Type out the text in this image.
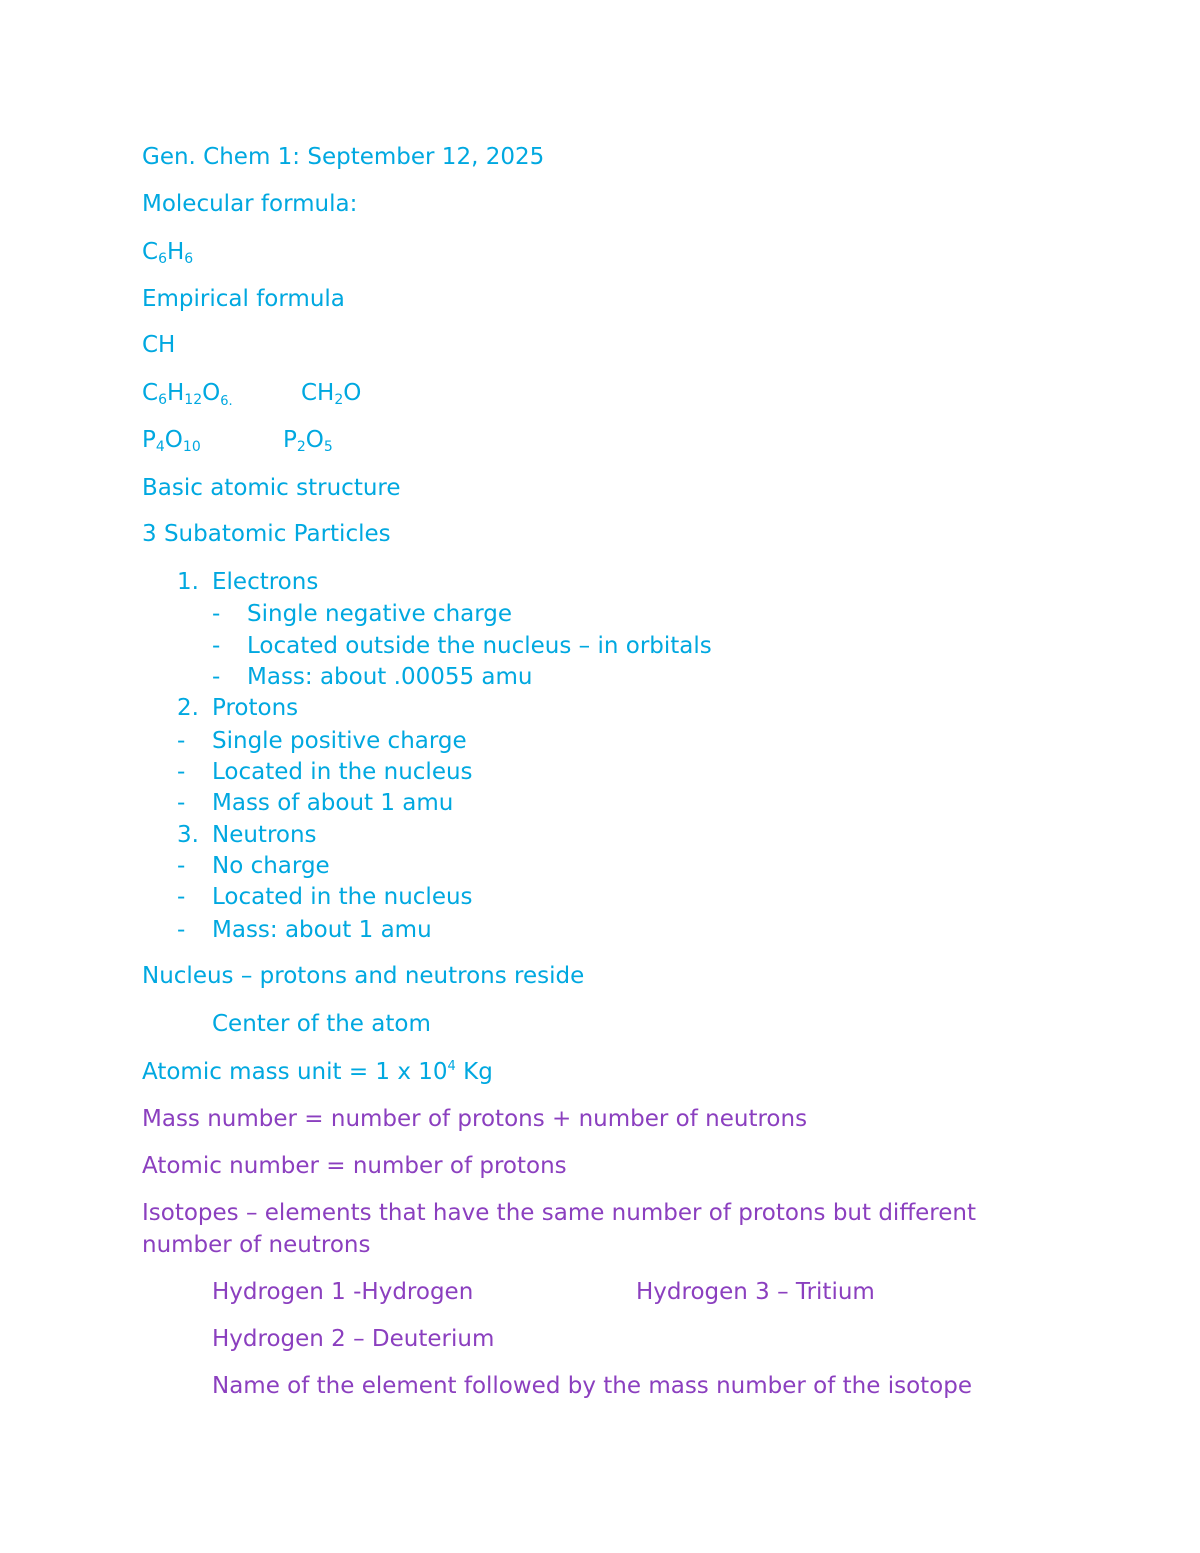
Gen. Chem 1: September 12, 2025
Molecular formula:
$C_6H_6$
Empirical formula
CH
$C_6H_{12}O_{6.}$	$CH_2O$
$P_4O_{10}$	$P_2O_5$
Basic atomic structure
3 Subatomic Particles
1. Electrons
- Single negative charge
- Located outside the nucleus – in orbitals
- Mass: about .00055 amu
2. Protons
- Single positive charge
- Located in the nucleus
- Mass of about 1 amu
3. Neutrons
- No charge
- Located in the nucleus
- Mass: about 1 amu
Nucleus – protons and neutrons reside
Center of the atom
Atomic mass unit = 1 x $10^4$ Kg
Mass number = number of protons + number of neutrons
Atomic number = number of protons
Isotopes – elements that have the same number of protons but different
number of neutrons
Hydrogen 1 -Hydrogen	Hydrogen 3 – Tritium
Hydrogen 2 – Deuterium
Name of the element followed by the mass number of the isotope
